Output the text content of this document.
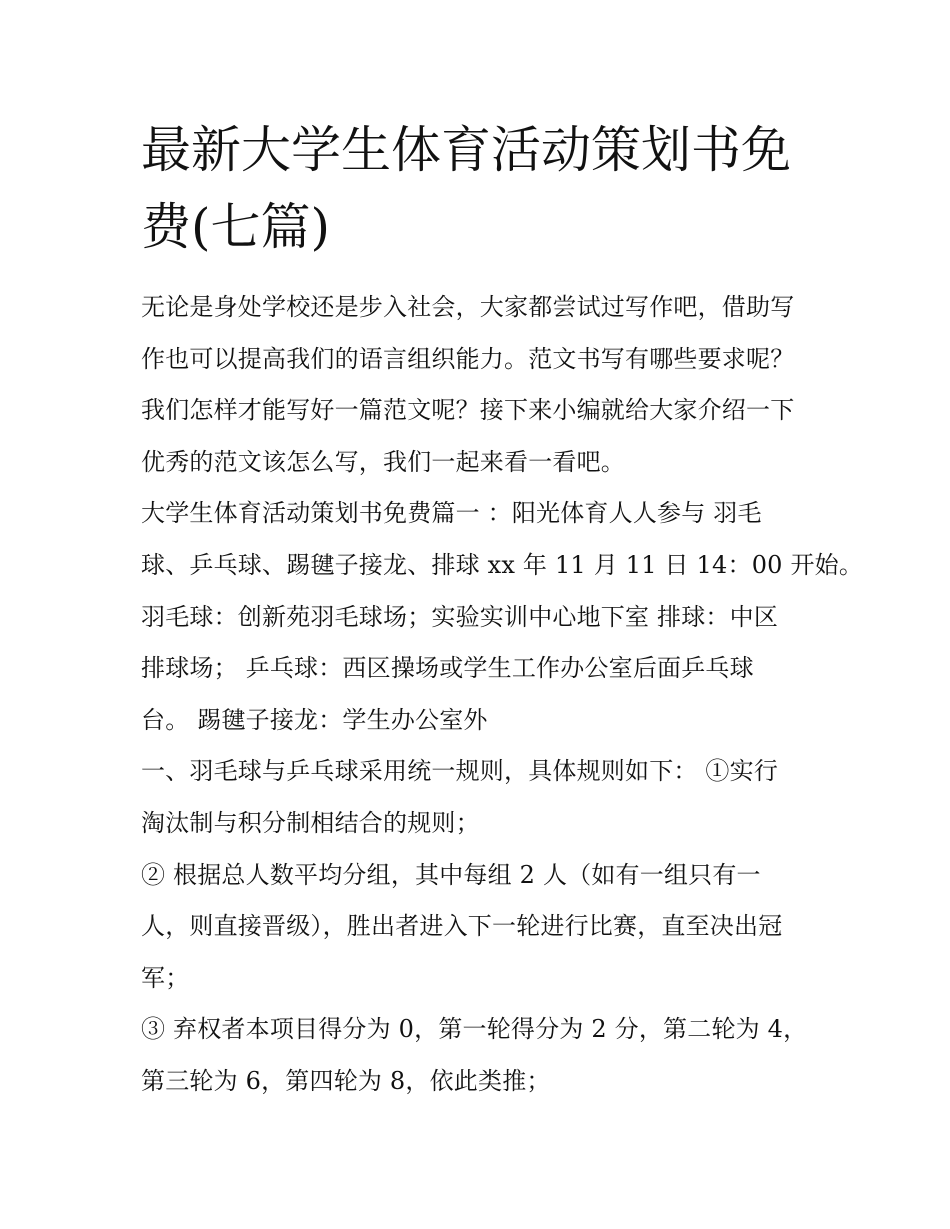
最新大学生体育活动策划书免
费(七篇)

无论是身处学校还是步入社会，大家都尝试过写作吧，借助写
作也可以提高我们的语言组织能力。范文书写有哪些要求呢？
我们怎样才能写好一篇范文呢？接下来小编就给大家介绍一下
优秀的范文该怎么写，我们一起来看一看吧。

大学生体育活动策划书免费篇一 ：阳光体育人人参与 羽毛
球、乒乓球、踢毽子接龙、排球 xx 年 11 月 11 日 14：00 开始。
羽毛球：创新苑羽毛球场；实验实训中心地下室 排球：中区
排球场； 乒乓球：西区操场或学生工作办公室后面乒乓球
台。 踢毽子接龙：学生办公室外

一、羽毛球与乒乓球采用统一规则，具体规则如下： ①实行
淘汰制与积分制相结合的规则；

② 根据总人数平均分组，其中每组 2 人（如有一组只有一
人，则直接晋级），胜出者进入下一轮进行比赛，直至决出冠
军；

③ 弃权者本项目得分为 0，第一轮得分为 2 分，第二轮为 4，
第三轮为 6，第四轮为 8，依此类推；
